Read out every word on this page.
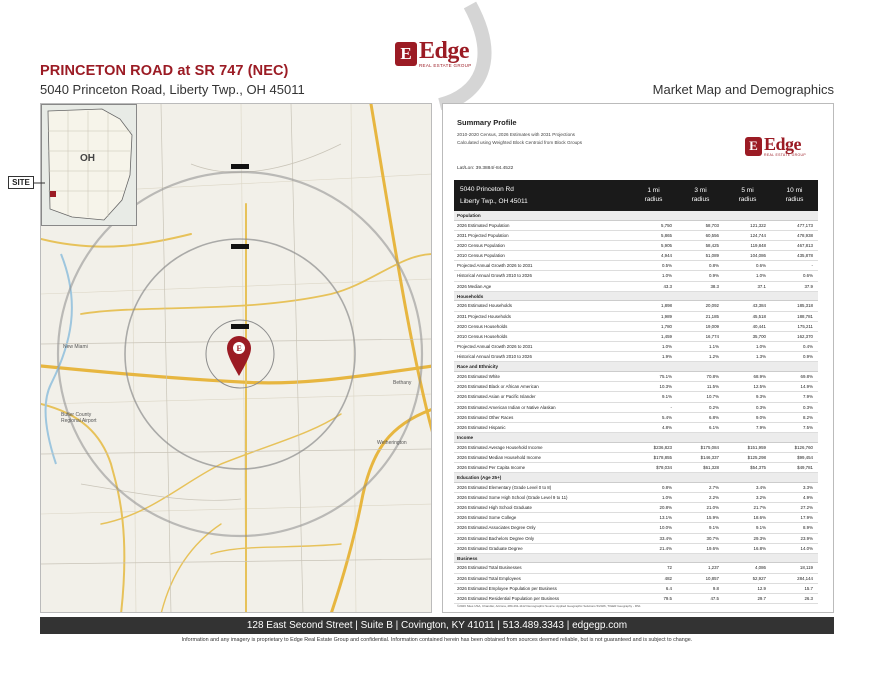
E Edge
REAL ESTATE GROUP
PRINCETON ROAD at SR 747 (NEC)
5040 Princeton Road, Liberty Twp., OH 45011	Market Map and Demographics
E
OH
New Miami
Butler County Regional Airport
Bethany
Wetherington
SITE
Summary Profile
2010-2020 Census, 2026 Estimates with 2031 Projections
Calculated using Weighted Block Centroid from Block Groups
Lat/Lon: 39.3884/-84.4522
E Edge
REAL ESTATE GROUP
5040 Princeton Rd
Liberty Twp., OH 45011
1 mi
radius
3 mi
radius
5 mi
radius
10 mi
radius
Population
2026 Estimated Population	5,750	58,703	121,322	477,173
2031 Projected Population	5,865	60,556	124,744	478,938
2020 Census Population	5,905	58,425	119,848	467,813
2010 Census Population	4,944	51,089	104,086	435,878
Projected Annual Growth 2026 to 2031	0.5%	0.8%	0.6%	-
Historical Annual Growth 2010 to 2026	1.0%	0.9%	1.0%	0.6%
2026 Median Age	43.3	38.3	37.1	37.9
Households
2026 Estimated Households	1,898	20,092	43,384	185,318
2031 Projected Households	1,989	21,185	45,518	188,781
2020 Census Households	1,780	19,009	40,441	175,211
2010 Census Households	1,459	16,774	35,700	162,370
Projected Annual Growth 2026 to 2031	1.0%	1.1%	1.0%	0.4%
Historical Annual Growth 2010 to 2026	1.9%	1.2%	1.3%	0.9%
Race and Ethnicity
2026 Estimated White	75.1%	70.8%	68.9%	69.8%
2026 Estimated Black or African American	10.3%	11.5%	12.5%	14.9%
2026 Estimated Asian or Pacific Islander	9.1%	10.7%	9.3%	7.9%
2026 Estimated American Indian or Native Alaskan	-	0.2%	0.3%	0.3%
2026 Estimated Other Races	5.4%	6.8%	9.0%	8.2%
2026 Estimated Hispanic	4.8%	6.1%	7.9%	7.5%
Income
2026 Estimated Average Household Income	$236,823	$175,084	$151,959	$126,760
2026 Estimated Median Household Income	$178,855	$146,337	$125,298	$99,454
2026 Estimated Per Capita Income	$78,034	$61,328	$54,375	$49,781
Education (Age 25+)
2026 Estimated Elementary (Grade Level 0 to 8)	0.8%	2.7%	3.4%	3.3%
2026 Estimated Some High School (Grade Level 9 to 11)	1.0%	2.2%	3.2%	4.9%
2026 Estimated High School Graduate	20.8%	21.0%	21.7%	27.2%
2026 Estimated Some College	13.1%	15.9%	18.6%	17.9%
2026 Estimated Associates Degree Only	10.0%	9.1%	9.1%	8.9%
2026 Estimated Bachelors Degree Only	33.4%	30.7%	29.3%	23.9%
2026 Estimated Graduate Degree	21.4%	19.6%	16.8%	14.0%
Business
2026 Estimated Total Businesses	72	1,237	4,086	18,119
2026 Estimated Total Employees	482	10,857	52,927	284,144
2026 Estimated Employee Population per Business	6.4	9.8	12.9	15.7
2026 Estimated Residential Population per Business	79.5	47.5	29.7	26.3
©2026 Sites USA, Chandler, Arizona, 480-491-1112 Demographic Source: Applied Geographic Solutions 5/2026, TIGER Geography - RS1
128 East Second Street | Suite B | Covington, KY 41011 | 513.489.3343 | edgegp.com
Information and any imagery is proprietary to Edge Real Estate Group and confidential. Information contained herein has been obtained from sources deemed reliable, but is not guaranteed and is subject to change.
